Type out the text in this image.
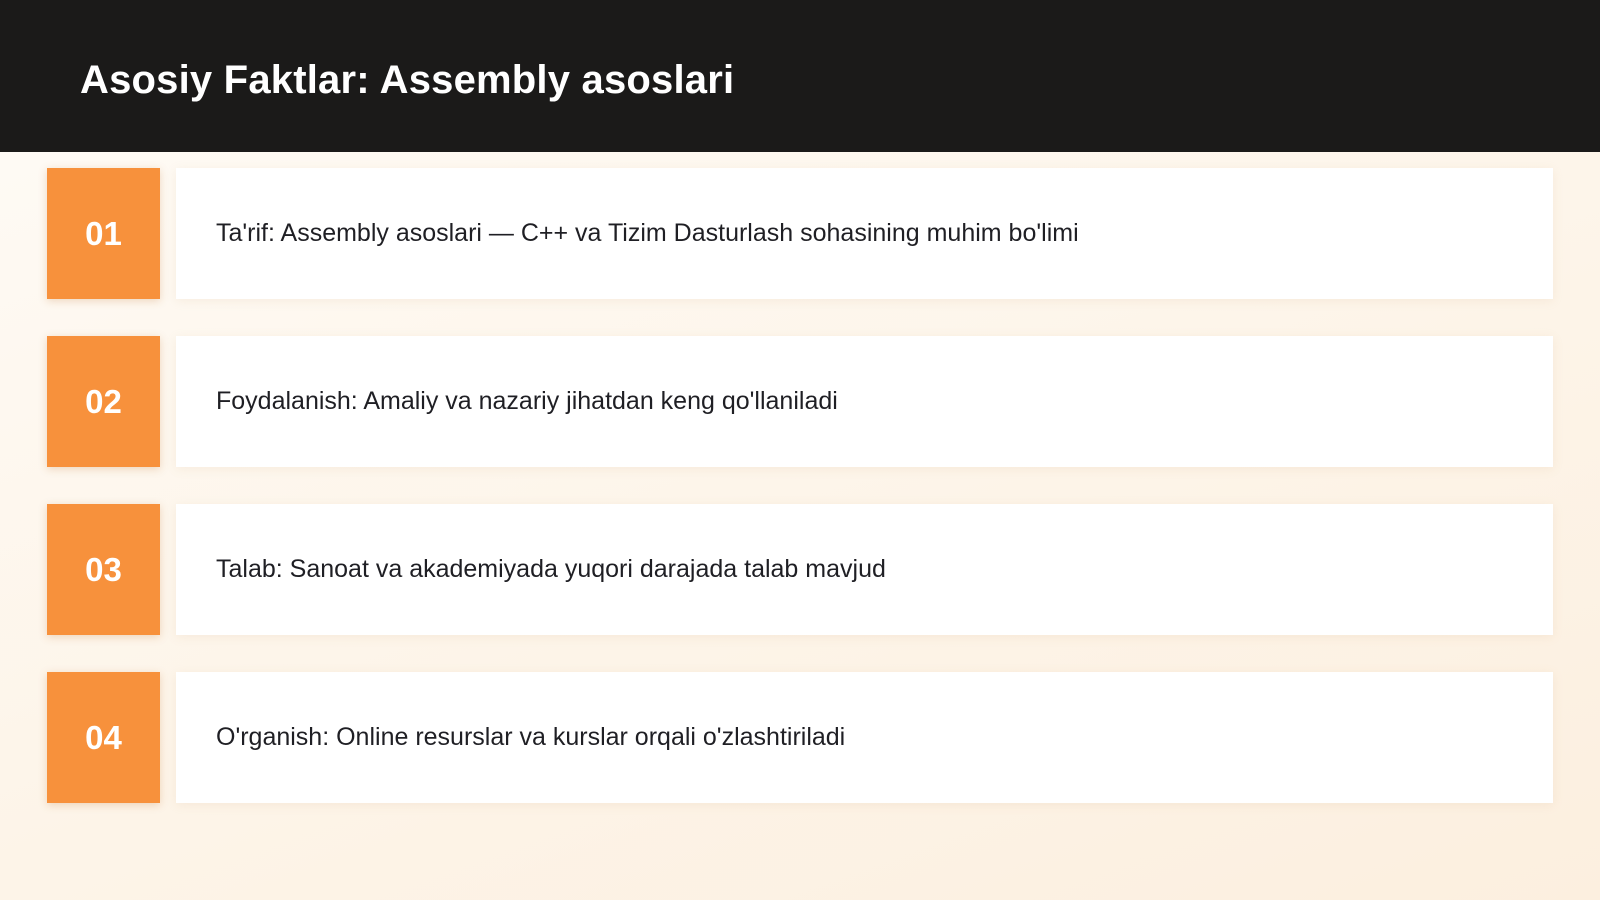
Asosiy Faktlar: Assembly asoslari
01	Ta'rif: Assembly asoslari — C++ va Tizim Dasturlash sohasining muhim bo'limi
02	Foydalanish: Amaliy va nazariy jihatdan keng qo'llaniladi
03	Talab: Sanoat va akademiyada yuqori darajada talab mavjud
04	O'rganish: Online resurslar va kurslar orqali o'zlashtiriladi
